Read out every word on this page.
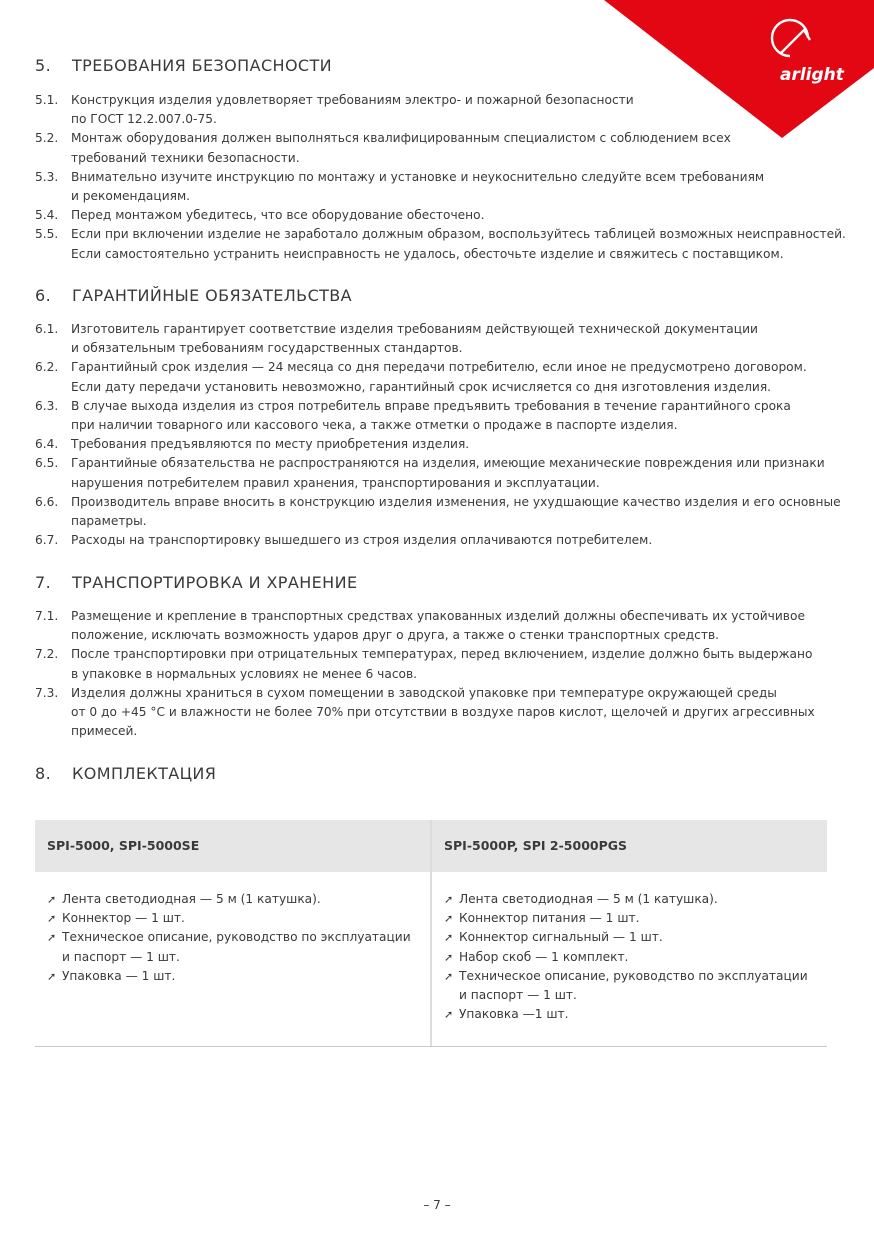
arlight
5. ТРЕБОВАНИЯ БЕЗОПАСНОСТИ
5.1.	Конструкция изделия удовлетворяет требованиям электро- и пожарной безопасности
по ГОСТ 12.2.007.0-75.
5.2.	Монтаж оборудования должен выполняться квалифицированным специалистом с соблюдением всех
требований техники безопасности.
5.3.	Внимательно изучите инструкцию по монтажу и установке и неукоснительно следуйте всем требованиям
и рекомендациям.
5.4.	Перед монтажом убедитесь, что все оборудование обесточено.
5.5.	Если при включении изделие не заработало должным образом, воспользуйтесь таблицей возможных неисправностей.
Если самостоятельно устранить неисправность не удалось, обесточьте изделие и свяжитесь с поставщиком.
6. ГАРАНТИЙНЫЕ ОБЯЗАТЕЛЬСТВА
6.1.	Изготовитель гарантирует соответствие изделия требованиям действующей технической документации
и обязательным требованиям государственных стандартов.
6.2.	Гарантийный срок изделия — 24 месяца со дня передачи потребителю, если иное не предусмотрено договором.
Если дату передачи установить невозможно, гарантийный срок исчисляется со дня изготовления изделия.
6.3.	В случае выхода изделия из строя потребитель вправе предъявить требования в течение гарантийного срока
при наличии товарного или кассового чека, а также отметки о продаже в паспорте изделия.
6.4.	Требования предъявляются по месту приобретения изделия.
6.5.	Гарантийные обязательства не распространяются на изделия, имеющие механические повреждения или признаки
нарушения потребителем правил хранения, транспортирования и эксплуатации.
6.6.	Производитель вправе вносить в конструкцию изделия изменения, не ухудшающие качество изделия и его основные
параметры.
6.7.	Расходы на транспортировку вышедшего из строя изделия оплачиваются потребителем.
7. ТРАНСПОРТИРОВКА И ХРАНЕНИЕ
7.1.	Размещение и крепление в транспортных средствах упакованных изделий должны обеспечивать их устойчивое
положение, исключать возможность ударов друг о друга, а также о стенки транспортных средств.
7.2.	После транспортировки при отрицательных температурах, перед включением, изделие должно быть выдержано
в упаковке в нормальных условиях не менее 6 часов.
7.3.	Изделия должны храниться в сухом помещении в заводской упаковке при температуре окружающей среды
от 0 до +45 °C и влажности не более 70% при отсутствии в воздухе паров кислот, щелочей и других агрессивных
примесей.
8. КОМПЛЕКТАЦИЯ
SPI-5000, SPI-5000SE
➚ Лента светодиодная — 5 м (1 катушка).
➚ Коннектор — 1 шт.
➚ Техническое описание, руководство по эксплуатации
и паспорт — 1 шт.
➚ Упаковка — 1 шт.
SPI-5000P, SPI 2-5000PGS
➚ Лента светодиодная — 5 м (1 катушка).
➚ Коннектор питания — 1 шт.
➚ Коннектор сигнальный — 1 шт.
➚ Набор скоб — 1 комплект.
➚ Техническое описание, руководство по эксплуатации
и паспорт — 1 шт.
➚ Упаковка —1 шт.
– 7 –
